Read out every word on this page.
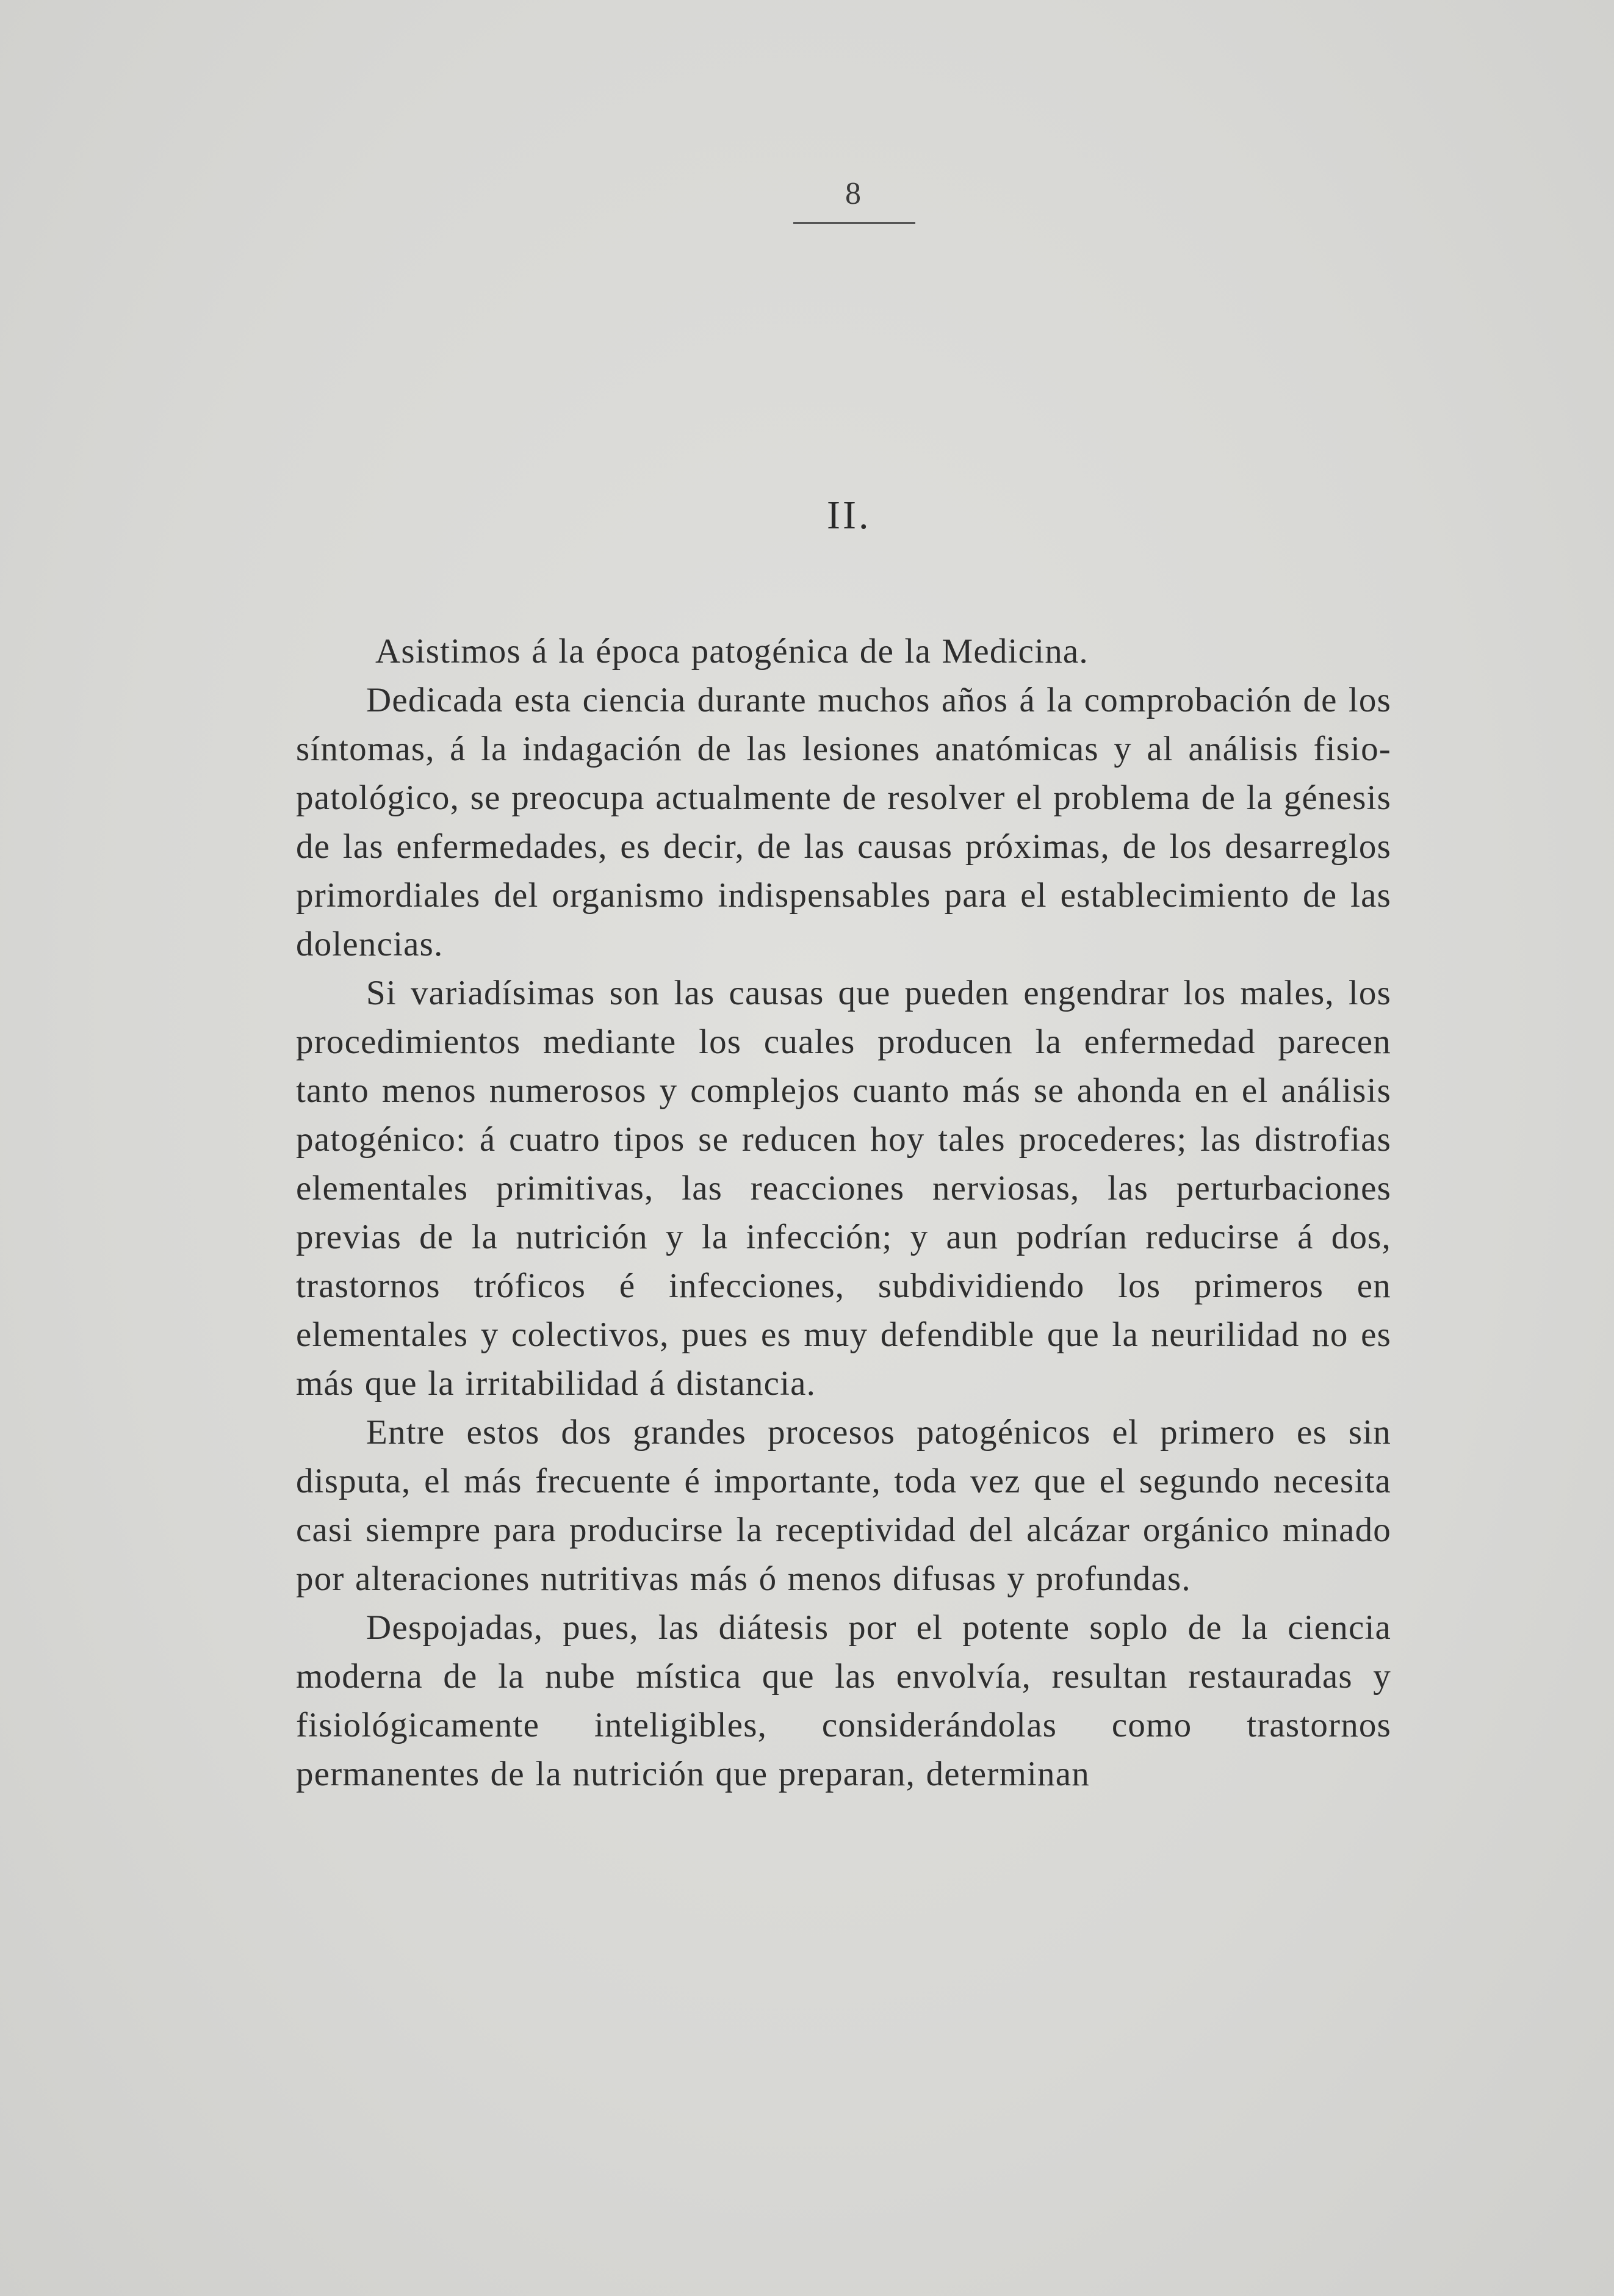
8
II.

Asistimos á la época patogénica de la Medicina.

Dedicada esta ciencia durante muchos años á la comprobación de los síntomas, á la indagación de las lesiones anatómicas y al análisis fisio-patológico, se preocupa actualmente de resolver el problema de la génesis de las enfermedades, es decir, de las causas próximas, de los desarreglos primordiales del organismo indispensables para el establecimiento de las dolencias.

Si variadísimas son las causas que pueden engendrar los males, los procedimientos mediante los cuales producen la enfermedad parecen tanto menos numerosos y complejos cuanto más se ahonda en el análisis patogénico: á cuatro tipos se reducen hoy tales procederes; las distrofias elementales primitivas, las reacciones nerviosas, las perturbaciones previas de la nutrición y la infección; y aun podrían reducirse á dos, trastornos tróficos é infecciones, subdividiendo los primeros en elementales y colectivos, pues es muy defendible que la neurilidad no es más que la irritabilidad á distancia.

Entre estos dos grandes procesos patogénicos el primero es sin disputa, el más frecuente é importante, toda vez que el segundo necesita casi siempre para producirse la receptividad del alcázar orgánico minado por alteraciones nutritivas más ó menos difusas y profundas.

Despojadas, pues, las diátesis por el potente soplo de la ciencia moderna de la nube mística que las envolvía, resultan restauradas y fisiológicamente inteligibles, considerándolas como trastornos permanentes de la nutrición que preparan, determinan
